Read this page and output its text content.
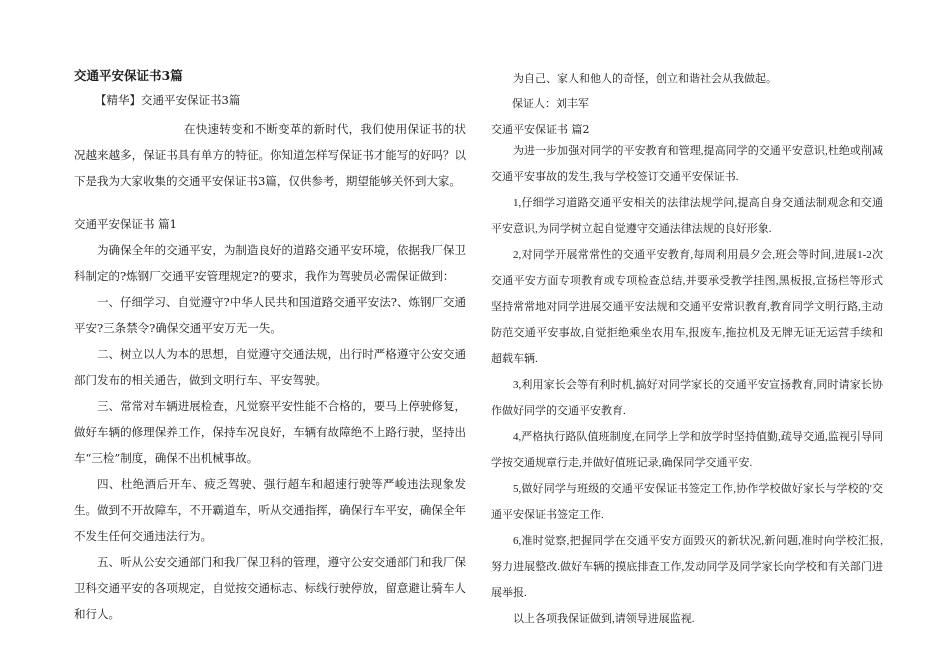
交通平安保证书3篇
【精华】交通平安保证书3篇

在快速转变和不断变革的新时代，我们使用保证书的状况越来越多，保证书具有单方的特征。你知道怎样写保证书才能写的好吗？以下是我为大家收集的交通平安保证书3篇，仅供参考，期望能够关怀到大家。

交通平安保证书 篇1

为确保全年的交通平安，为制造良好的道路交通平安环境，依据我厂保卫科制定的?炼钢厂交通平安管理规定?的要求，我作为驾驶员必需保证做到：

一、仔细学习、自觉遵守?中华人民共和国道路交通平安法?、炼钢厂交通平安?三条禁令?确保交通平安万无一失。

二、树立以人为本的思想，自觉遵守交通法规，出行时严格遵守公安交通部门发布的相关通告，做到文明行车、平安驾驶。

三、常常对车辆进展检查，凡觉察平安性能不合格的，要马上停驶修复，做好车辆的修理保养工作，保持车况良好，车辆有故障绝不上路行驶，坚持出车“三检”制度，确保不出机械事故。

四、杜绝酒后开车、疲乏驾驶、强行超车和超速行驶等严峻违法现象发生。做到不开故障车，不开霸道车，听从交通指挥，确保行车平安，确保全年不发生任何交通违法行为。

五、听从公安交通部门和我厂保卫科的管理，遵守公安交通部门和我厂保卫科交通平安的各项规定，自觉按交通标志、标线行驶停放，留意避让骑车人和行人。

为自己、家人和他人的奇怪，创立和谐社会从我做起。

保证人：刘丰军
交通平安保证书 篇2

为进一步加强对同学的平安教育和管理,提高同学的交通平安意识,杜绝或削减交通平安事故的发生,我与学校签订交通平安保证书.

1,仔细学习道路交通平安相关的法律法规学问,提高自身交通法制观念和交通平安意识,为同学树立起自觉遵守交通法律法规的良好形象.

2,对同学开展常常性的交通平安教育,每周利用晨夕会,班会等时间,进展1-2次交通平安方面专项教育或专项检查总结,并要承受教学挂图,黑板报,宣扬栏等形式坚持常常地对同学进展交通平安法规和交通平安常识教育,教育同学文明行路,主动防范交通平安事故,自觉拒绝乘坐农用车,报废车,拖拉机及无牌无证无运营手续和超载车辆.

3,利用家长会等有利时机,搞好对同学家长的交通平安宣扬教育,同时请家长协作做好同学的交通平安教育.

4,严格执行路队值班制度,在同学上学和放学时坚持值勤,疏导交通,监视引导同学按交通规章行走,并做好值班记录,确保同学交通平安.

5,做好同学与班级的交通平安保证书签定工作,协作学校做好家长与学校的'交通平安保证书签定工作.

6,准时觉察,把握同学在交通平安方面毁灭的新状况,新问题,准时向学校汇报,努力进展整改.做好车辆的摸底排查工作,发动同学及同学家长向学校和有关部门进展举报.

以上各项我保证做到,请领导进展监视.
